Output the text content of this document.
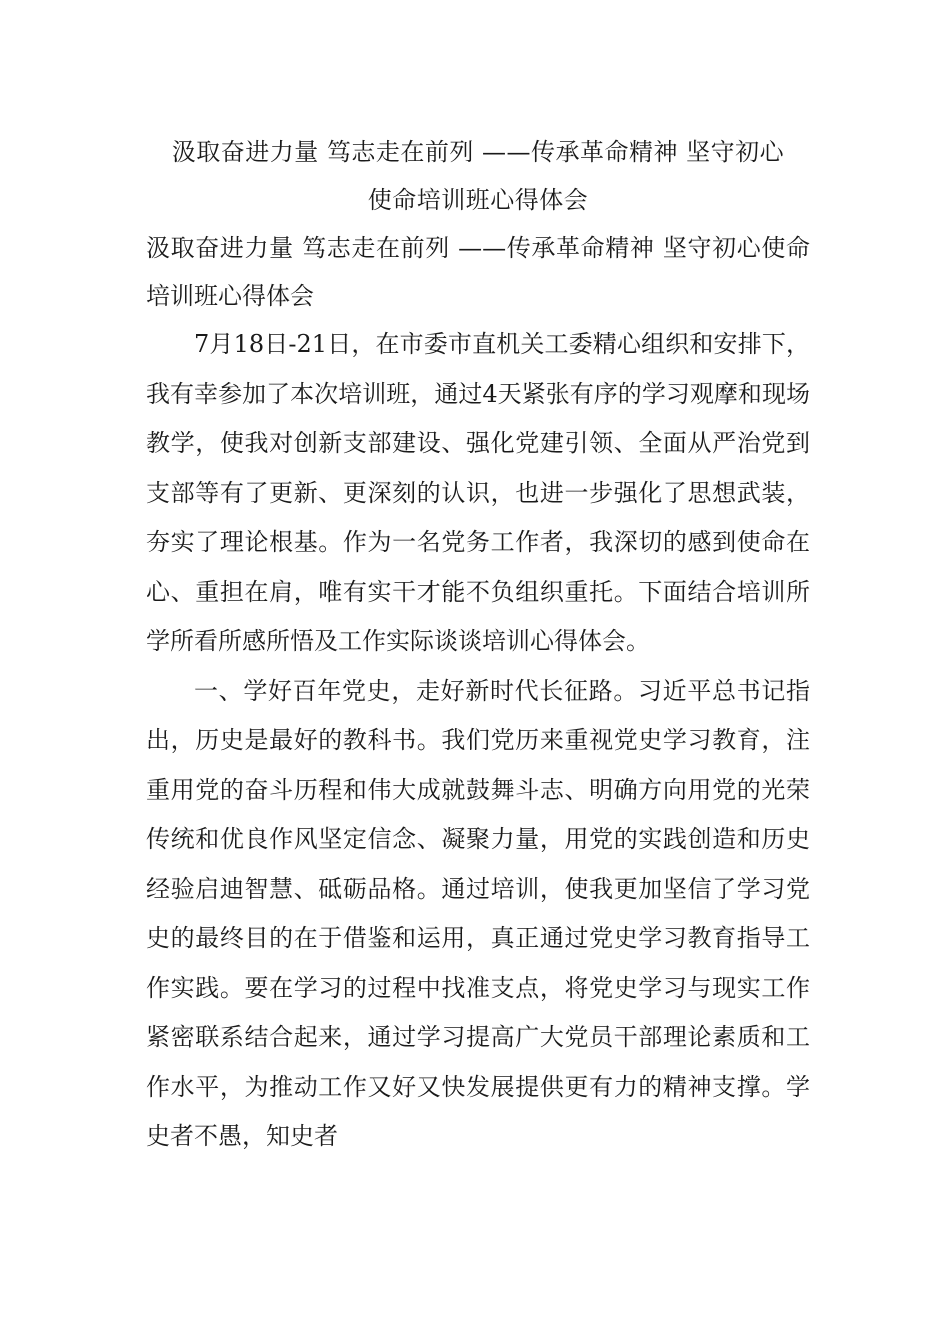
汲取奋进力量 笃志走在前列 ——传承革命精神 坚守初心

使命培训班心得体会

汲取奋进力量 笃志走在前列 ——传承革命精神 坚守初心使命培训班心得体会

7月18日-21日，在市委市直机关工委精心组织和安排下，我有幸参加了本次培训班，通过4天紧张有序的学习观摩和现场教学，使我对创新支部建设、强化党建引领、全面从严治党到支部等有了更新、更深刻的认识，也进一步强化了思想武装，夯实了理论根基。作为一名党务工作者，我深切的感到使命在心、重担在肩，唯有实干才能不负组织重托。下面结合培训所学所看所感所悟及工作实际谈谈培训心得体会。

一、学好百年党史，走好新时代长征路。习近平总书记指出，历史是最好的教科书。我们党历来重视党史学习教育，注重用党的奋斗历程和伟大成就鼓舞斗志、明确方向用党的光荣传统和优良作风坚定信念、凝聚力量，用党的实践创造和历史经验启迪智慧、砥砺品格。通过培训，使我更加坚信了学习党史的最终目的在于借鉴和运用，真正通过党史学习教育指导工作实践。要在学习的过程中找准支点，将党史学习与现实工作紧密联系结合起来，通过学习提高广大党员干部理论素质和工作水平，为推动工作又好又快发展提供更有力的精神支撑。学史者不愚，知史者
